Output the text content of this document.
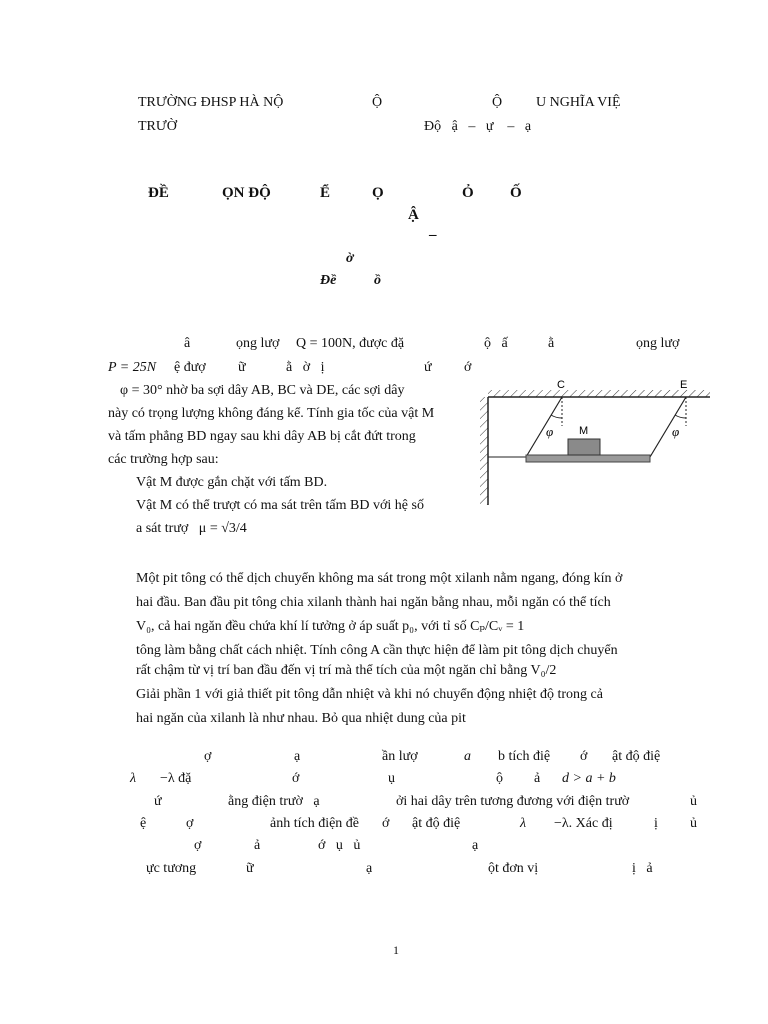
TRƯỜNG ĐHSP HÀ NỘ	Ộ	Ộ U NGHĨA VIỆ
TRƯỜ	Độ   ậ   –   ự    –   ạ
ĐỀ	ỌN ĐỘ	Ể	Ọ	Ỏ Ố
Ậ
–
ờ
Đề	ồ
â	ọng lượ Q = 100N, được đặ	ộ   ấ	ằ	ọng lượ
P = 25N ệ đượ ữ	ằ   ờ   ị	ứ ớ
φ = 30° nhờ ba sợi dây AB, BC và DE, các sợi dây
này có trọng lượng không đáng kể. Tính gia tốc của vật M
và tấm phẳng BD ngay sau khi dây AB bị cắt đứt trong
các trường hợp sau:
Vật M được gắn chặt với tấm BD.
Vật M có thể trượt có ma sát trên tấm BD với hệ số
a sát trượ   μ = √3/4
C	E
M
φ	φ
Một pit tông có thể dịch chuyển không ma sát trong một xilanh nằm ngang, đóng kín ở
hai đầu. Ban đầu pit tông chia xilanh thành hai ngăn bằng nhau, mỗi ngăn có thể tích
V₀, cả hai ngăn đều chứa khí lí tưởng ở áp suất p₀, với tỉ số Cₚ/Cᵥ = 1
tông làm bằng chất cách nhiệt. Tính công A cần thực hiện để làm pit tông dịch chuyển
rất chậm từ vị trí ban đầu đến vị trí mà thể tích của một ngăn chỉ bằng V₀/2
Giải phần 1 với giả thiết pit tông dẫn nhiệt và khi nó chuyển động nhiệt độ trong cả
hai ngăn của xilanh là như nhau. Bỏ qua nhiệt dung của pit
ợ	ạ	ần lượ	a b tích điệ ớ ật độ điệ
λ −λ đặ	ớ	ụ	ộ ả d > a + b
ứ	ằng điện trườ   ạ	ởi hai dây trên tương đương với điện trườ	ủ
ệ	ợ	ảnh tích điện đề ớ ật độ điệ	λ −λ. Xác đị	ị ủ
ợ	ả	ớ   ụ   ủ	ạ
ực tương	ữ	ạ	ột đơn vị	ị   ả
1
